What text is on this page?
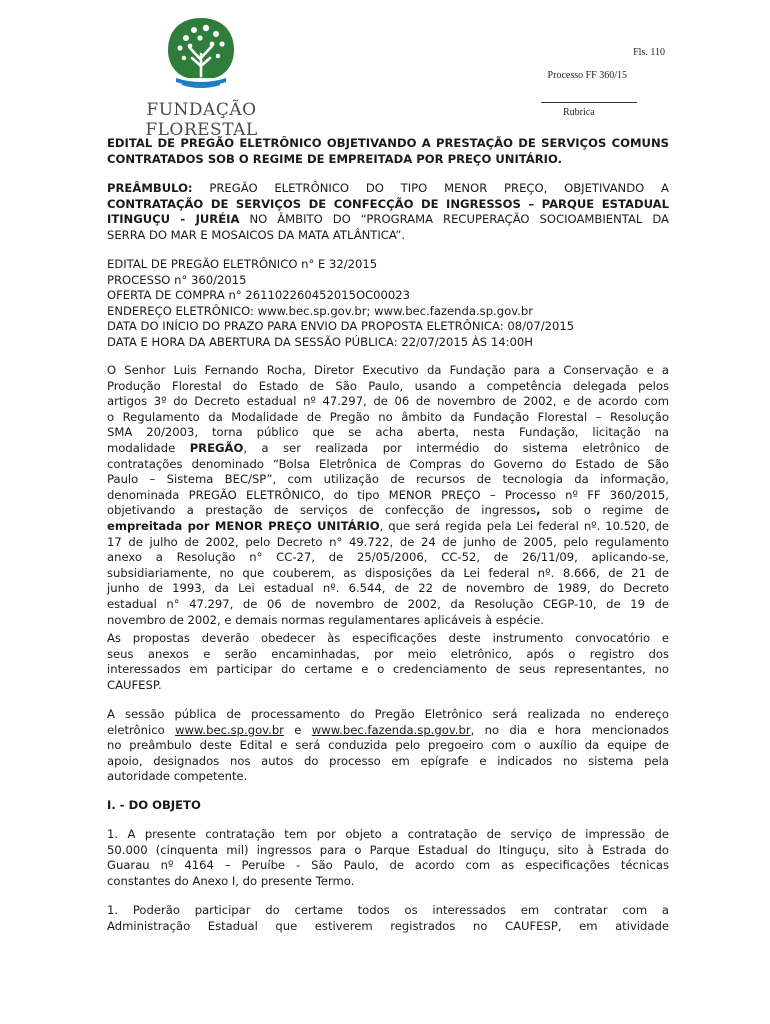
FUNDAÇÃO FLORESTAL
Fls. 110
Processo FF 360/15
Rubrica
EDITAL DE PREGÃO ELETRÔNICO OBJETIVANDO A PRESTAÇÃO DE SERVIÇOS COMUNS
CONTRATADOS SOB O REGIME DE EMPREITADA POR PREÇO UNITÁRIO.
PREÂMBULO: PREGÃO ELETRÔNICO DO TIPO MENOR PREÇO, OBJETIVANDO A
CONTRATAÇÃO DE SERVIÇOS DE CONFECÇÃO DE INGRESSOS – PARQUE ESTADUAL
ITINGUÇU - JURÉIA NO ÂMBITO DO “PROGRAMA RECUPERAÇÃO SOCIOAMBIENTAL DA
SERRA DO MAR E MOSAICOS DA MATA ATLÂNTICA”.
EDITAL DE PREGÃO ELETRÔNICO n° E 32/2015
PROCESSO n° 360/2015
OFERTA DE COMPRA n° 261102260452015OC00023
ENDEREÇO ELETRÔNICO: www.bec.sp.gov.br; www.bec.fazenda.sp.gov.br
DATA DO INÍCIO DO PRAZO PARA ENVIO DA PROPOSTA ELETRÔNICA: 08/07/2015
DATA E HORA DA ABERTURA DA SESSÃO PÚBLICA: 22/07/2015 ÀS 14:00H
O Senhor Luis Fernando Rocha, Diretor Executivo da Fundação para a Conservação e a
Produção Florestal do Estado de São Paulo, usando a competência delegada pelos
artigos 3º do Decreto estadual nº 47.297, de 06 de novembro de 2002, e de acordo com
o Regulamento da Modalidade de Pregão no âmbito da Fundação Florestal – Resolução
SMA 20/2003, torna público que se acha aberta, nesta Fundação, licitação na
modalidade PREGÃO, a ser realizada por intermédio do sistema eletrônico de
contratações denominado “Bolsa Eletrônica de Compras do Governo do Estado de São
Paulo – Sistema BEC/SP”, com utilização de recursos de tecnologia da informação,
denominada PREGÃO ELETRÔNICO, do tipo MENOR PREÇO – Processo nº FF 360/2015,
objetivando a prestação de serviços de confecção de ingressos, sob o regime de
empreitada por MENOR PREÇO UNITÁRIO, que será regida pela Lei federal nº. 10.520, de
17 de julho de 2002, pelo Decreto n° 49.722, de 24 de junho de 2005, pelo regulamento
anexo a Resolução n° CC-27, de 25/05/2006, CC-52, de 26/11/09, aplicando-se,
subsidiariamente, no que couberem, as disposições da Lei federal nº. 8.666, de 21 de
junho de 1993, da Lei estadual nº. 6.544, de 22 de novembro de 1989, do Decreto
estadual n° 47.297, de 06 de novembro de 2002, da Resolução CEGP-10, de 19 de
novembro de 2002, e demais normas regulamentares aplicáveis à espécie.
As propostas deverão obedecer às especificações deste instrumento convocatório e
seus anexos e serão encaminhadas, por meio eletrônico, após o registro dos
interessados em participar do certame e o credenciamento de seus representantes, no
CAUFESP.
A sessão pública de processamento do Pregão Eletrônico será realizada no endereço
eletrônico www.bec.sp.gov.br e www.bec.fazenda.sp.gov.br, no dia e hora mencionados
no preâmbulo deste Edital e será conduzida pelo pregoeiro com o auxílio da equipe de
apoio, designados nos autos do processo em epígrafe e indicados no sistema pela
autoridade competente.
I. - DO OBJETO
1. A presente contratação tem por objeto a contratação de serviço de impressão de
50.000 (cinquenta mil) ingressos para o Parque Estadual do Itinguçu, sito à Estrada do
Guarau nº 4164 – Peruíbe - São Paulo, de acordo com as especificações técnicas
constantes do Anexo I, do presente Termo.
1. Poderão participar do certame todos os interessados em contratar com a
Administração Estadual que estiverem registrados no CAUFESP, em atividade
